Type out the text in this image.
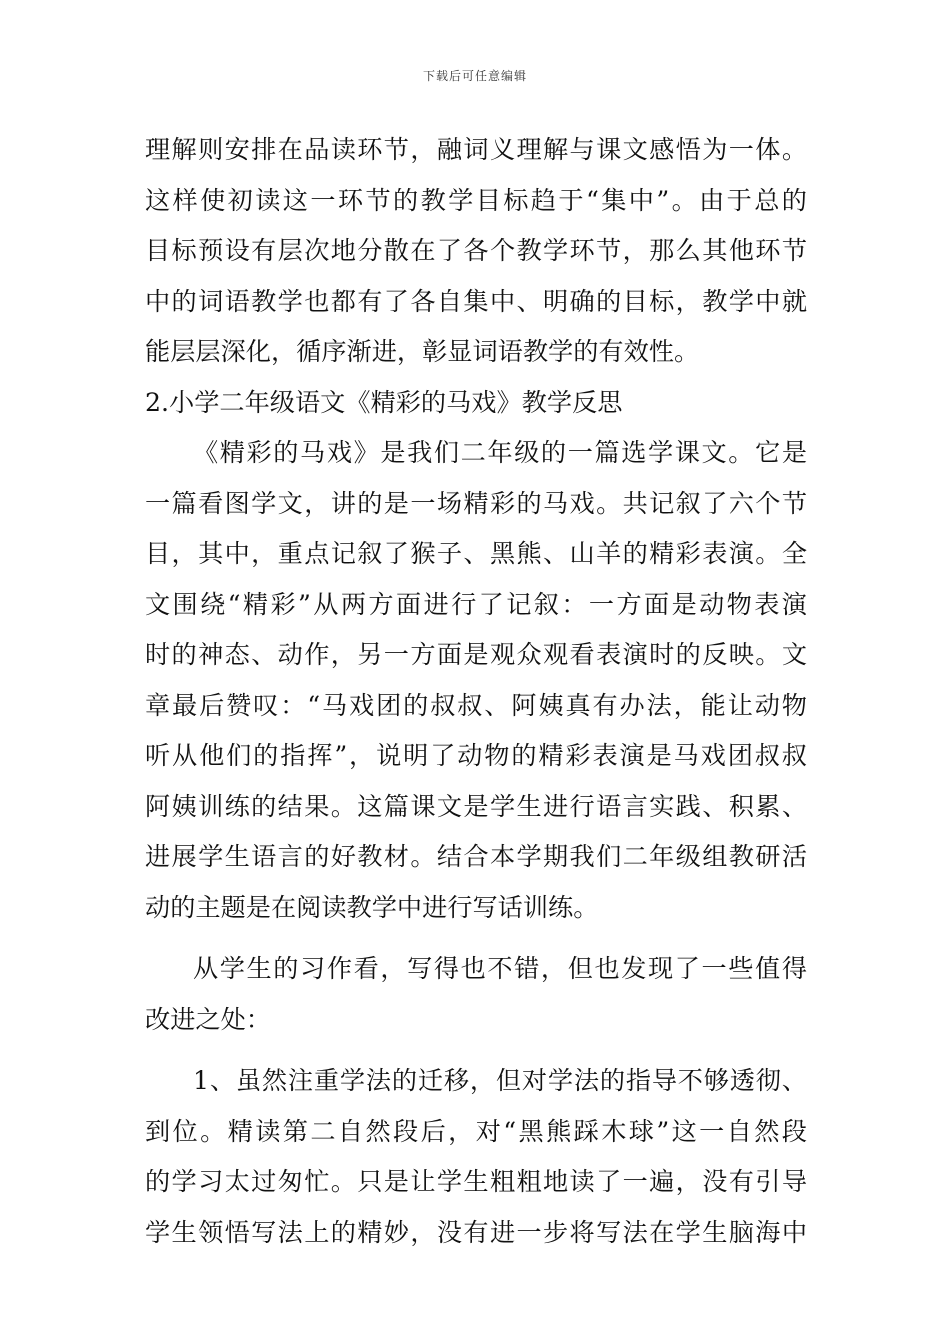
下载后可任意编辑
理解则安排在品读环节，融词义理解与课文感悟为一体。
这样使初读这一环节的教学目标趋于“集中”。由于总的
目标预设有层次地分散在了各个教学环节，那么其他环节
中的词语教学也都有了各自集中、明确的目标，教学中就
能层层深化，循序渐进，彰显词语教学的有效性。
2.小学二年级语文《精彩的马戏》教学反思
《精彩的马戏》是我们二年级的一篇选学课文。它是
一篇看图学文，讲的是一场精彩的马戏。共记叙了六个节
目，其中，重点记叙了猴子、黑熊、山羊的精彩表演。全
文围绕“精彩”从两方面进行了记叙：一方面是动物表演
时的神态、动作，另一方面是观众观看表演时的反映。文
章最后赞叹：“马戏团的叔叔、阿姨真有办法，能让动物
听从他们的指挥”，说明了动物的精彩表演是马戏团叔叔
阿姨训练的结果。这篇课文是学生进行语言实践、积累、
进展学生语言的好教材。结合本学期我们二年级组教研活
动的主题是在阅读教学中进行写话训练。
从学生的习作看，写得也不错，但也发现了一些值得
改进之处：
1、虽然注重学法的迁移，但对学法的指导不够透彻、
到位。精读第二自然段后，对“黑熊踩木球”这一自然段
的学习太过匆忙。只是让学生粗粗地读了一遍，没有引导
学生领悟写法上的精妙，没有进一步将写法在学生脑海中
